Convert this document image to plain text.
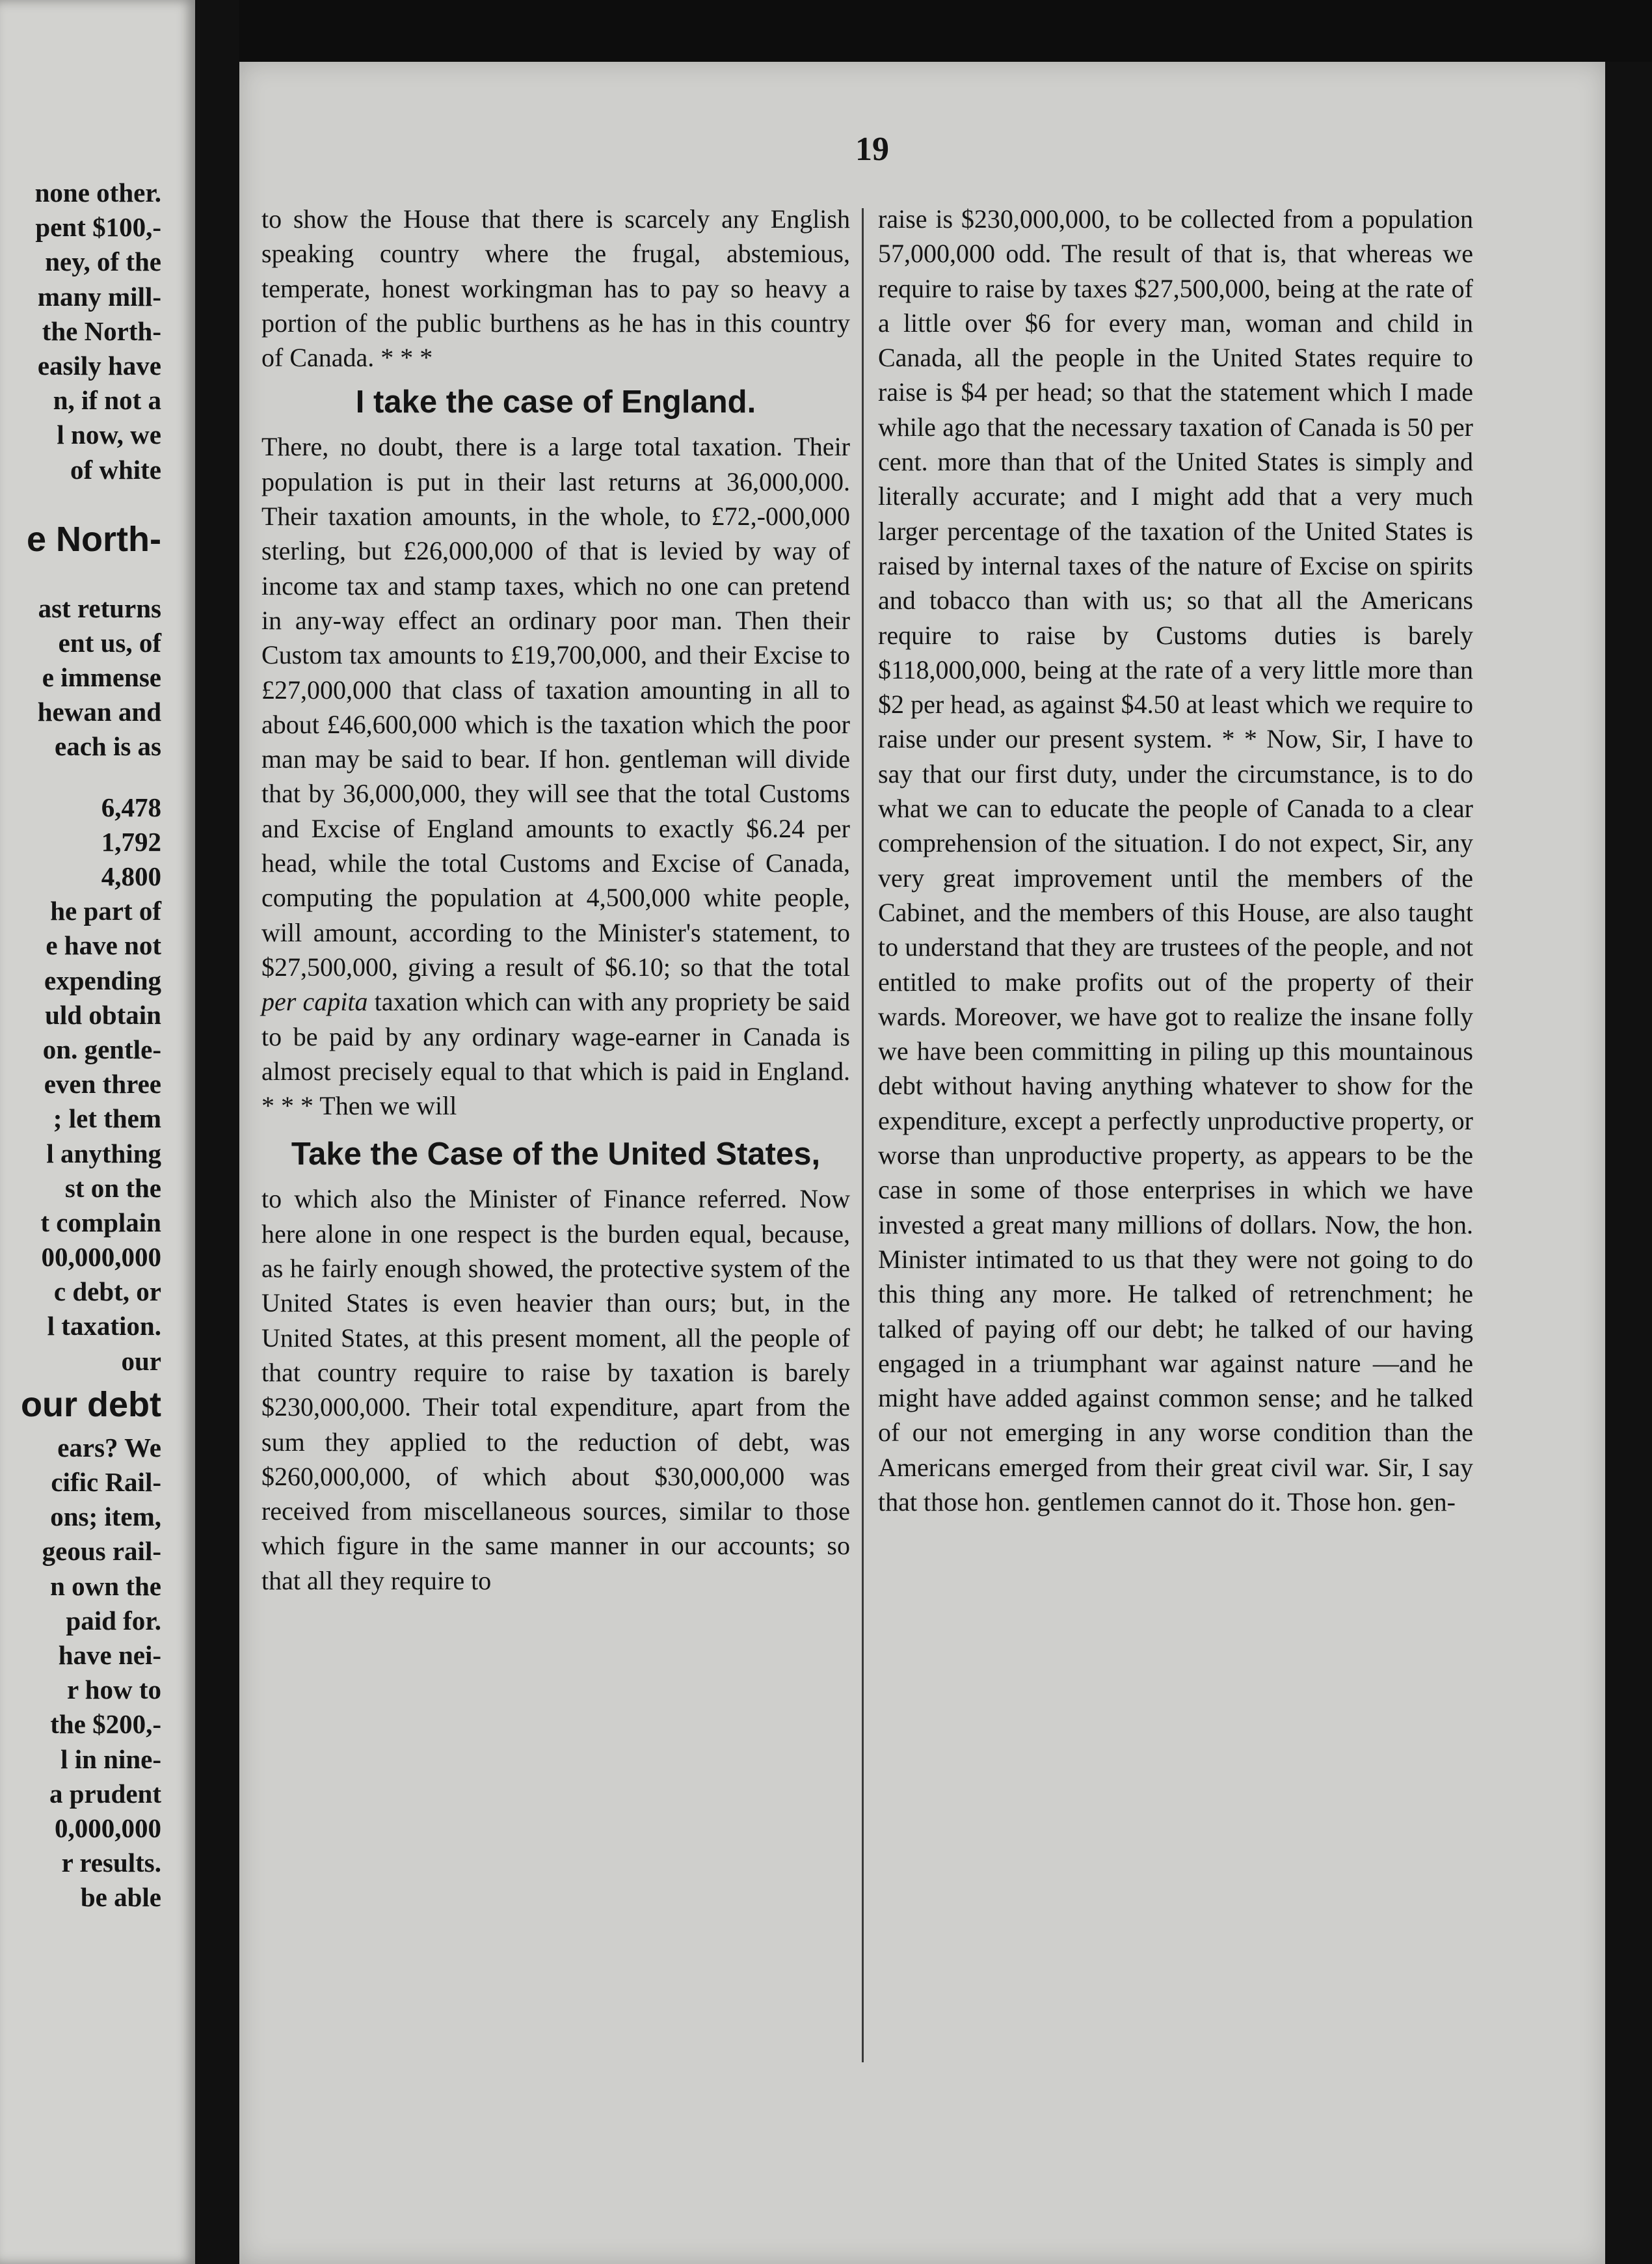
none other.
pent $100,-
ney, of the
many mill-
the North-
easily have
n, if not a
l now, we
of white
e North-
ast returns
ent us, of
e immense
hewan and
each is as
6,478
1,792
4,800
he part of
e have not
expending
uld obtain
on. gentle-
even three
; let them
l anything
st on the
t complain
00,000,000
c debt, or
l taxation.
our
our debt
ears? We
cific Rail-
ons; item,
geous rail-
n own the
paid for.
have nei-
r how to
the $200,-
l in nine-
a prudent
0,000,000
r results.
be able
19

to show the House that there is scarcely any English speaking country where the frugal, abstemious, temperate, honest workingman has to pay so heavy a portion of the public burthens as he has in this country of Canada. * * *

I take the case of England.

There, no doubt, there is a large total taxation. Their population is put in their last returns at 36,000,000. Their taxation amounts, in the whole, to £72,-000,000 sterling, but £26,000,000 of that is levied by way of income tax and stamp taxes, which no one can pretend in any-way effect an ordinary poor man. Then their Custom tax amounts to £19,700,000, and their Excise to £27,000,000 that class of taxation amounting in all to about £46,600,000 which is the taxation which the poor man may be said to bear. If hon. gentleman will divide that by 36,000,000, they will see that the total Customs and Excise of England amounts to exactly $6.24 per head, while the total Customs and Excise of Canada, computing the population at 4,500,000 white people, will amount, according to the Minister's statement, to $27,500,000, giving a result of $6.10; so that the total per capita taxation which can with any propriety be said to be paid by any ordinary wage-earner in Canada is almost precisely equal to that which is paid in England. * * * Then we will

Take the Case of the United States,

to which also the Minister of Finance referred. Now here alone in one respect is the burden equal, because, as he fairly enough showed, the protective system of the United States is even heavier than ours; but, in the United States, at this present moment, all the people of that country require to raise by taxation is barely $230,000,000. Their total expenditure, apart from the sum they applied to the reduction of debt, was $260,000,000, of which about $30,000,000 was received from miscellaneous sources, similar to those which figure in the same manner in our accounts; so that all they require to

raise is $230,000,000, to be collected from a population 57,000,000 odd. The result of that is, that whereas we require to raise by taxes $27,500,000, being at the rate of a little over $6 for every man, woman and child in Canada, all the people in the United States require to raise is $4 per head; so that the statement which I made while ago that the necessary taxation of Canada is 50 per cent. more than that of the United States is simply and literally accurate; and I might add that a very much larger percentage of the taxation of the United States is raised by internal taxes of the nature of Excise on spirits and tobacco than with us; so that all the Americans require to raise by Customs duties is barely $118,000,000, being at the rate of a very little more than $2 per head, as against $4.50 at least which we require to raise under our present system. * * Now, Sir, I have to say that our first duty, under the circumstance, is to do what we can to educate the people of Canada to a clear comprehension of the situation. I do not expect, Sir, any very great improvement until the members of the Cabinet, and the members of this House, are also taught to understand that they are trustees of the people, and not entitled to make profits out of the property of their wards. Moreover, we have got to realize the insane folly we have been committing in piling up this mountainous debt without having anything whatever to show for the expenditure, except a perfectly unproductive property, or worse than unproductive property, as appears to be the case in some of those enterprises in which we have invested a great many millions of dollars. Now, the hon. Minister intimated to us that they were not going to do this thing any more. He talked of retrenchment; he talked of paying off our debt; he talked of our having engaged in a triumphant war against nature —and he might have added against common sense; and he talked of our not emerging in any worse condition than the Americans emerged from their great civil war. Sir, I say that those hon. gentlemen cannot do it. Those hon. gen-
